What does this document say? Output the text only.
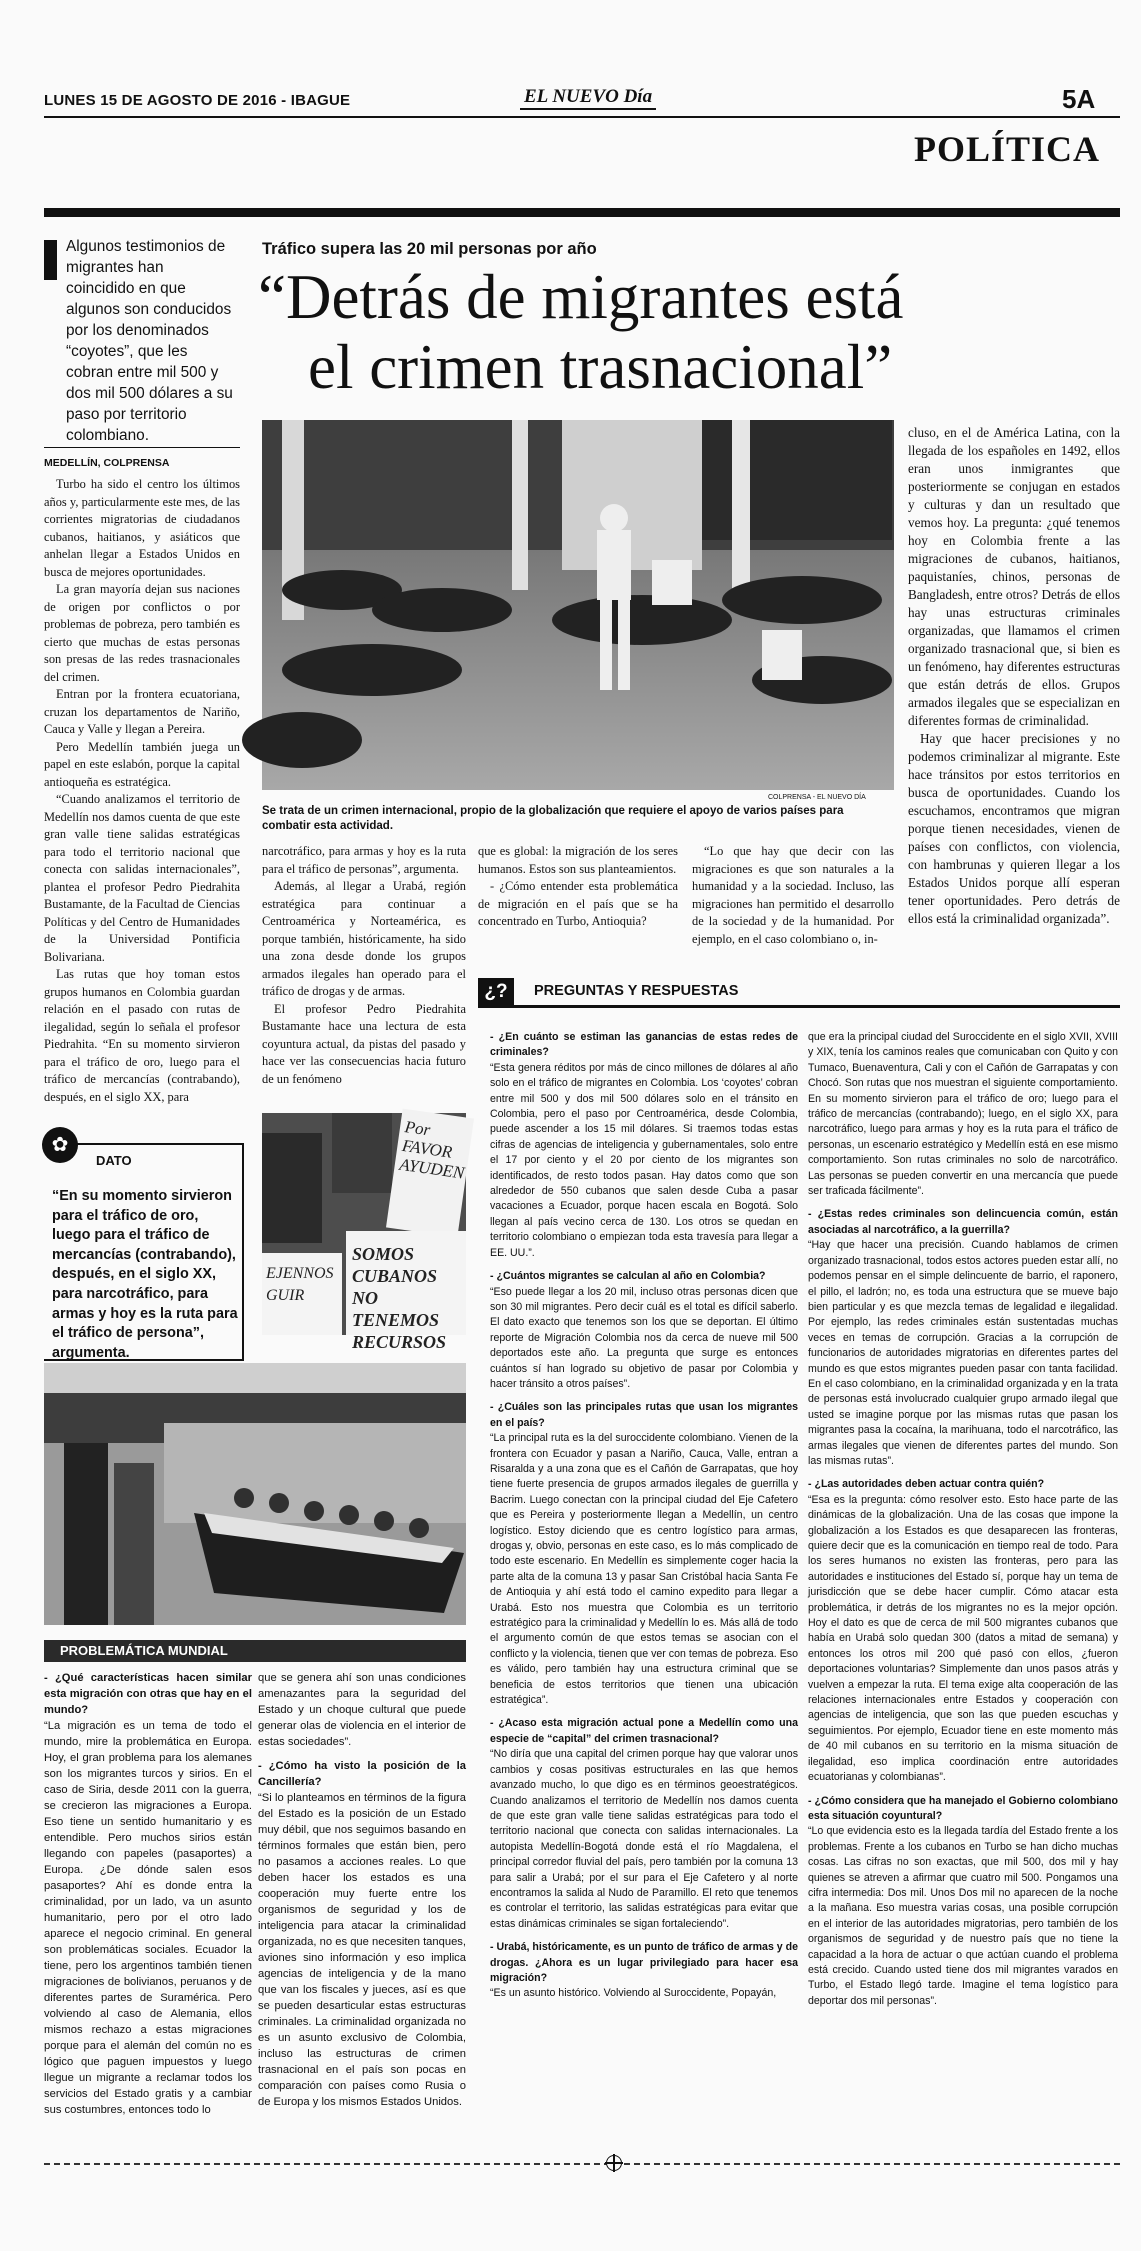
LUNES 15 DE AGOSTO DE 2016 - IBAGUE	EL NUEVO Día	5A
POLÍTICA
Algunos testimonios de migrantes han coincidido en que algunos son conducidos por los denominados “coyotes”, que les cobran entre mil 500 y dos mil 500 dólares a su paso por territorio colombiano.
Tráfico supera las 20 mil personas por año
“Detrás de migrantes está
el crimen trasnacional”
MEDELLÍN, COLPRENSA

Turbo ha sido el centro los últimos años y, particularmente este mes, de las corrientes migratorias de ciudadanos cubanos, haitianos, y asiáticos que anhelan llegar a Estados Unidos en busca de mejores oportunidades.

La gran mayoría dejan sus naciones de origen por conflictos o por problemas de pobreza, pero también es cierto que muchas de estas personas son presas de las redes trasnacionales del crimen.

Entran por la frontera ecuatoriana, cruzan los departamentos de Nariño, Cauca y Valle y llegan a Pereira.

Pero Medellín también juega un papel en este eslabón, porque la capital antioqueña es estratégica.

“Cuando analizamos el territorio de Medellín nos damos cuenta de que este gran valle tiene salidas estratégicas para todo el territorio nacional que conecta con salidas internacionales”, plantea el profesor Pedro Piedrahita Bustamante, de la Facultad de Ciencias Políticas y del Centro de Humanidades de la Universidad Pontificia Bolivariana.

Las rutas que hoy toman estos grupos humanos en Colombia guardan relación en el pasado con rutas de ilegalidad, según lo señala el profesor Piedrahita. “En su momento sirvieron para el tráfico de oro, luego para el tráfico de mercancías (contrabando), después, en el siglo XX, para

✿
DATO
“En su momento sirvieron para el tráfico de oro, luego para el tráfico de mercancías (contrabando), después, en el siglo XX, para narcotráfico, para armas y hoy es la ruta para el tráfico de persona”, argumenta.
COLPRENSA - EL NUEVO DÍA
Se trata de un crimen internacional, propio de la globalización que requiere el apoyo de varios países para combatir esta actividad.

narcotráfico, para armas y hoy es la ruta para el tráfico de personas”, argumenta.

Además, al llegar a Urabá, región estratégica para continuar a Centroamérica y Norteamérica, es porque también, históricamente, ha sido una zona desde donde los grupos armados ilegales han operado para el tráfico de drogas y de armas.

El profesor Pedro Piedrahita Bustamante hace una lectura de esta coyuntura actual, da pistas del pasado y hace ver las consecuencias hacia futuro de un fenómeno

que es global: la migración de los seres humanos. Estos son sus planteamientos.

- ¿Cómo entender esta problemática de migración en el país que se ha concentrado en Turbo, Antioquia?

“Lo que hay que decir con las migraciones es que son naturales a la humanidad y a la sociedad. Incluso, las migraciones han permitido el desarrollo de la sociedad y de la humanidad. Por ejemplo, en el caso colombiano o, in-

cluso, en el de América Latina, con la llegada de los españoles en 1492, ellos eran unos inmigrantes que posteriormente se conjugan en estados y culturas y dan un resultado que vemos hoy. La pregunta: ¿qué tenemos hoy en Colombia frente a las migraciones de cubanos, haitianos, paquistaníes, chinos, personas de Bangladesh, entre otros? Detrás de ellos hay unas estructuras criminales organizadas, que llamamos el crimen organizado trasnacional que, si bien es un fenómeno, hay diferentes estructuras que están detrás de ellos. Grupos armados ilegales que se especializan en diferentes formas de criminalidad.

Hay que hacer precisiones y no podemos criminalizar al migrante. Este hace tránsitos por estos territorios en busca de oportunidades. Cuando los escuchamos, encontramos que migran porque tienen necesidades, vienen de países con conflictos, con violencia, con hambrunas y quieren llegar a los Estados Unidos porque allí esperan tener oportunidades. Pero detrás de ellos está la criminalidad organizada”.

Por FAVOR AYUDEN
EJENNOS GUIR
SOMOS CUBANOS NO TENEMOS RECURSOS
PROBLEMÁTICA MUNDIAL
- ¿Qué características hacen similar esta migración con otras que hay en el mundo?
“La migración es un tema de todo el mundo, mire la problemática en Europa. Hoy, el gran problema para los alemanes son los migrantes turcos y sirios. En el caso de Siria, desde 2011 con la guerra, se crecieron las migraciones a Europa. Eso tiene un sentido humanitario y es entendible. Pero muchos sirios están llegando con papeles (pasaportes) a Europa. ¿De dónde salen esos pasaportes? Ahí es donde entra la criminalidad, por un lado, va un asunto humanitario, pero por el otro lado aparece el negocio criminal. En general son problemáticas sociales. Ecuador la tiene, pero los argentinos también tienen migraciones de bolivianos, peruanos y de diferentes partes de Suramérica. Pero volviendo al caso de Alemania, ellos mismos rechazo a estas migraciones porque para el alemán del común no es lógico que paguen impuestos y luego llegue un migrante a reclamar todos los servicios del Estado gratis y a cambiar sus costumbres, entonces todo lo
que se genera ahí son unas condiciones amenazantes para la seguridad del Estado y un choque cultural que puede generar olas de violencia en el interior de estas sociedades”.
- ¿Cómo ha visto la posición de la Cancillería?
“Si lo planteamos en términos de la figura del Estado es la posición de un Estado muy débil, que nos seguimos basando en términos formales que están bien, pero no pasamos a acciones reales. Lo que deben hacer los estados es una cooperación muy fuerte entre los organismos de seguridad y los de inteligencia para atacar la criminalidad organizada, no es que necesiten tanques, aviones sino información y eso implica agencias de inteligencia y de la mano que van los fiscales y jueces, así es que se pueden desarticular estas estructuras criminales. La criminalidad organizada no es un asunto exclusivo de Colombia, incluso las estructuras de crimen trasnacional en el país son pocas en comparación con países como Rusia o de Europa y los mismos Estados Unidos.
¿?	PREGUNTAS Y RESPUESTAS
- ¿En cuánto se estiman las ganancias de estas redes de criminales?
“Esta genera réditos por más de cinco millones de dólares al año solo en el tráfico de migrantes en Colombia. Los ‘coyotes’ cobran entre mil 500 y dos mil 500 dólares solo en el tránsito en Colombia, pero el paso por Centroamérica, desde Colombia, puede ascender a los 15 mil dólares. Si traemos todas estas cifras de agencias de inteligencia y gubernamentales, solo entre el 17 por ciento y el 20 por ciento de los migrantes son identificados, de resto todos pasan. Hay datos como que son alrededor de 550 cubanos que salen desde Cuba a pasar vacaciones a Ecuador, porque hacen escala en Bogotá. Solo llegan al país vecino cerca de 130. Los otros se quedan en territorio colombiano o empiezan toda esta travesía para llegar a EE. UU.”.
- ¿Cuántos migrantes se calculan al año en Colombia?
“Eso puede llegar a los 20 mil, incluso otras personas dicen que son 30 mil migrantes. Pero decir cuál es el total es difícil saberlo. El dato exacto que tenemos son los que se deportan. El último reporte de Migración Colombia nos da cerca de nueve mil 500 deportados este año. La pregunta que surge es entonces cuántos sí han logrado su objetivo de pasar por Colombia y hacer tránsito a otros países”.
- ¿Cuáles son las principales rutas que usan los migrantes en el país?
“La principal ruta es la del suroccidente colombiano. Vienen de la frontera con Ecuador y pasan a Nariño, Cauca, Valle, entran a Risaralda y a una zona que es el Cañón de Garrapatas, que hoy tiene fuerte presencia de grupos armados ilegales de guerrilla y Bacrim. Luego conectan con la principal ciudad del Eje Cafetero que es Pereira y posteriormente llegan a Medellín, un centro logístico. Estoy diciendo que es centro logístico para armas, drogas y, obvio, personas en este caso, es lo más complicado de todo este escenario. En Medellín es simplemente coger hacia la parte alta de la comuna 13 y pasar San Cristóbal hacia Santa Fe de Antioquia y ahí está todo el camino expedito para llegar a Urabá. Esto nos muestra que Colombia es un territorio estratégico para la criminalidad y Medellín lo es. Más allá de todo el argumento común de que estos temas se asocian con el conflicto y la violencia, tienen que ver con temas de pobreza. Eso es válido, pero también hay una estructura criminal que se beneficia de estos territorios que tienen una ubicación estratégica”.
- ¿Acaso esta migración actual pone a Medellín como una especie de “capital” del crimen trasnacional?
“No diría que una capital del crimen porque hay que valorar unos cambios y cosas positivas estructurales en las que hemos avanzado mucho, lo que digo es en términos geoestratégicos. Cuando analizamos el territorio de Medellín nos damos cuenta de que este gran valle tiene salidas estratégicas para todo el territorio nacional que conecta con salidas internacionales. La autopista Medellín-Bogotá donde está el río Magdalena, el principal corredor fluvial del país, pero también por la comuna 13 para salir a Urabá; por el sur para el Eje Cafetero y al norte encontramos la salida al Nudo de Paramillo. El reto que tenemos es controlar el territorio, las salidas estratégicas para evitar que estas dinámicas criminales se sigan fortaleciendo”.
- Urabá, históricamente, es un punto de tráfico de armas y de drogas. ¿Ahora es un lugar privilegiado para hacer esa migración?
“Es un asunto histórico. Volviendo al Suroccidente, Popayán,
que era la principal ciudad del Suroccidente en el siglo XVII, XVIII y XIX, tenía los caminos reales que comunicaban con Quito y con Tumaco, Buenaventura, Cali y con el Cañón de Garrapatas y con Chocó. Son rutas que nos muestran el siguiente comportamiento. En su momento sirvieron para el tráfico de oro; luego para el tráfico de mercancías (contrabando); luego, en el siglo XX, para narcotráfico, luego para armas y hoy es la ruta para el tráfico de personas, un escenario estratégico y Medellín está en ese mismo comportamiento. Son rutas criminales no solo de narcotráfico. Las personas se pueden convertir en una mercancía que puede ser traficada fácilmente”.
- ¿Estas redes criminales son delincuencia común, están asociadas al narcotráfico, a la guerrilla?
“Hay que hacer una precisión. Cuando hablamos de crimen organizado trasnacional, todos estos actores pueden estar allí, no podemos pensar en el simple delincuente de barrio, el raponero, el pillo, el ladrón; no, es toda una estructura que se mueve bajo bien particular y es que mezcla temas de legalidad e ilegalidad. Por ejemplo, las redes criminales están sustentadas muchas veces en temas de corrupción. Gracias a la corrupción de funcionarios de autoridades migratorias en diferentes partes del mundo es que estos migrantes pueden pasar con tanta facilidad. En el caso colombiano, en la criminalidad organizada y en la trata de personas está involucrado cualquier grupo armado ilegal que usted se imagine porque por las mismas rutas que pasan los migrantes pasa la cocaína, la marihuana, todo el narcotráfico, las armas ilegales que vienen de diferentes partes del mundo. Son las mismas rutas”.
- ¿Las autoridades deben actuar contra quién?
“Esa es la pregunta: cómo resolver esto. Esto hace parte de las dinámicas de la globalización. Una de las cosas que impone la globalización a los Estados es que desaparecen las fronteras, quiere decir que es la comunicación en tiempo real de todo. Para los seres humanos no existen las fronteras, pero para las autoridades e instituciones del Estado sí, porque hay un tema de jurisdicción que se debe hacer cumplir. Cómo atacar esta problemática, ir detrás de los migrantes no es la mejor opción. Hoy el dato es que de cerca de mil 500 migrantes cubanos que había en Urabá solo quedan 300 (datos a mitad de semana) y entonces los otros mil 200 qué pasó con ellos, ¿fueron deportaciones voluntarias? Simplemente dan unos pasos atrás y vuelven a empezar la ruta. El tema exige alta cooperación de las relaciones internacionales entre Estados y cooperación con agencias de inteligencia, que son las que pueden escuchas y seguimientos. Por ejemplo, Ecuador tiene en este momento más de 40 mil cubanos en su territorio en la misma situación de ilegalidad, eso implica coordinación entre autoridades ecuatorianas y colombianas”.
- ¿Cómo considera que ha manejado el Gobierno colombiano esta situación coyuntural?
“Lo que evidencia esto es la llegada tardía del Estado frente a los problemas. Frente a los cubanos en Turbo se han dicho muchas cosas. Las cifras no son exactas, que mil 500, dos mil y hay quienes se atreven a afirmar que cuatro mil 500. Pongamos una cifra intermedia: Dos mil. Unos Dos mil no aparecen de la noche a la mañana. Eso muestra varias cosas, una posible corrupción en el interior de las autoridades migratorias, pero también de los organismos de seguridad y de nuestro país que no tiene la capacidad a la hora de actuar o que actúan cuando el problema está crecido. Cuando usted tiene dos mil migrantes varados en Turbo, el Estado llegó tarde. Imagine el tema logístico para deportar dos mil personas”.
